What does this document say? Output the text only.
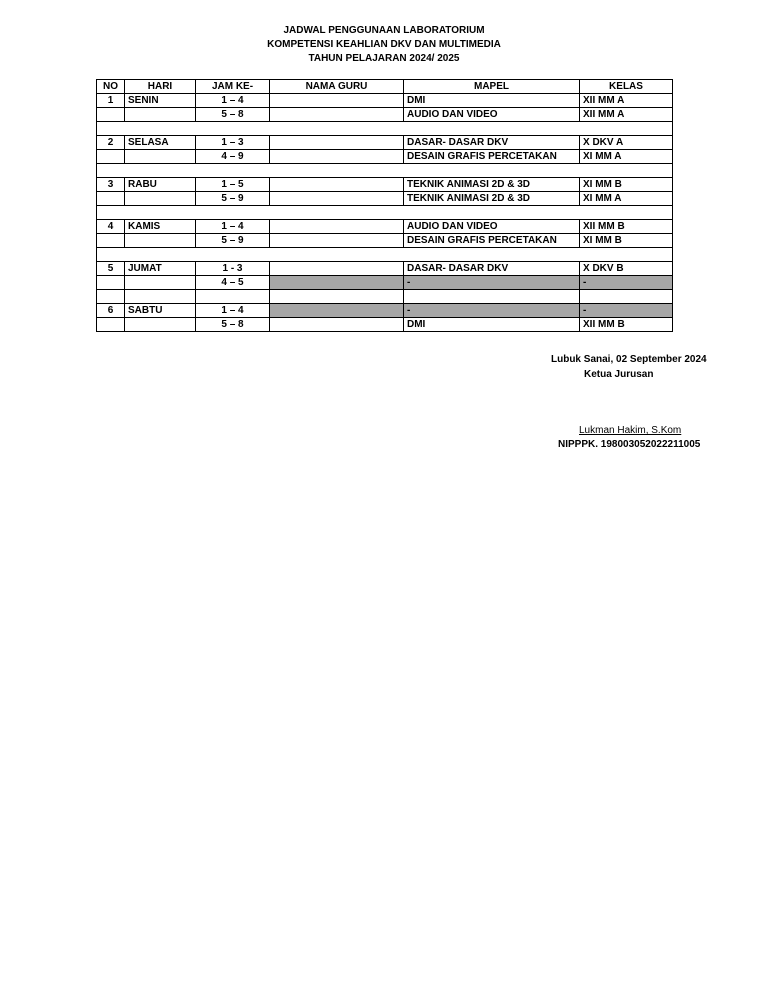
JADWAL PENGGUNAAN LABORATORIUM
KOMPETENSI KEAHLIAN DKV DAN MULTIMEDIA
TAHUN PELAJARAN 2024/ 2025
NO	HARI	JAM KE-	NAMA GURU	MAPEL	KELAS
1	SENIN	1 – 4		DMI	XII MM A
		5 – 8		AUDIO DAN VIDEO	XII MM A

2	SELASA	1 – 3		DASAR- DASAR DKV	X DKV A
		4 – 9		DESAIN GRAFIS PERCETAKAN	XI MM A

3	RABU	1 – 5		TEKNIK ANIMASI 2D & 3D	XI MM B
		5 – 9		TEKNIK ANIMASI 2D & 3D	XI MM A

4	KAMIS	1 – 4		AUDIO DAN VIDEO	XII MM B
		5 – 9		DESAIN GRAFIS PERCETAKAN	XI MM B

5	JUMAT	1 - 3		DASAR- DASAR DKV	X DKV B
		4 – 5		-	-

6	SABTU	1 – 4		-	-
		5 – 8		DMI	XII MM B
Lubuk Sanai, 02 September 2024
Ketua Jurusan
Lukman Hakim, S.Kom
NIPPPK. 198003052022211005
